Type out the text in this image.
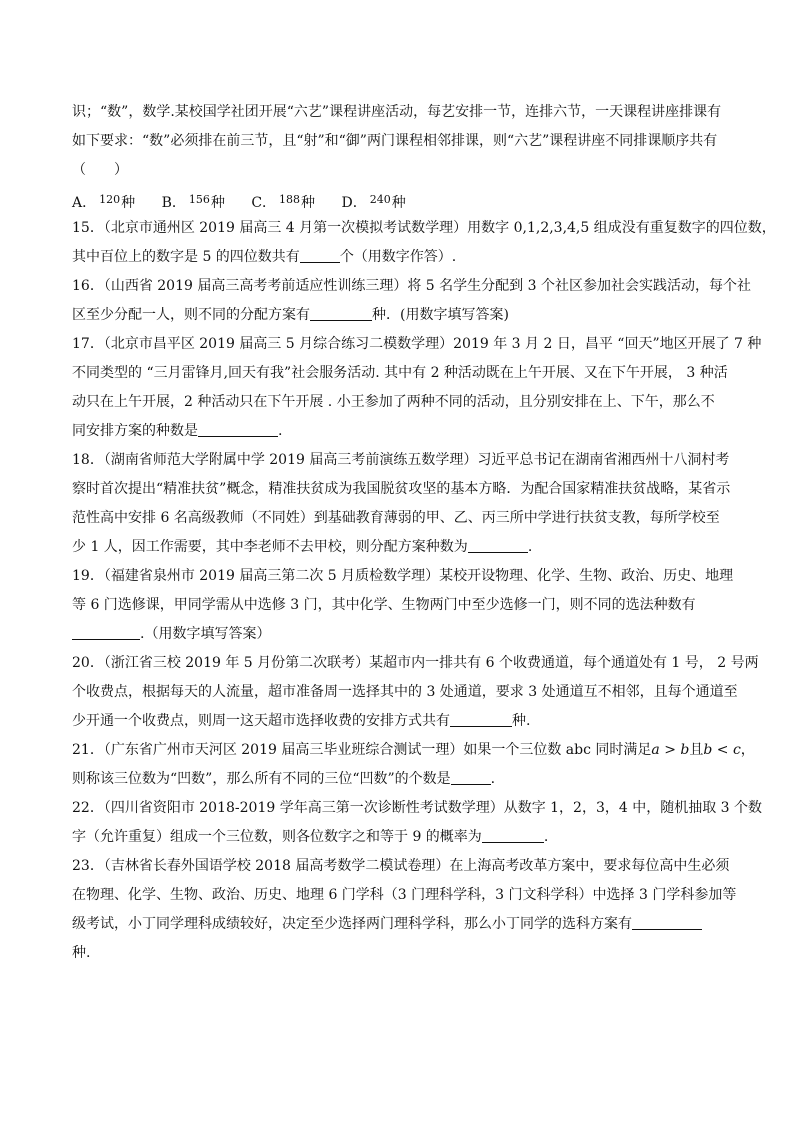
识；“数”，数学.某校国学社团开展“六艺”课程讲座活动，每艺安排一节，连排六节，一天课程讲座排课有
如下要求：“数”必须排在前三节，且“射”和“御”两门课程相邻排课，则“六艺”课程讲座不同排课顺序共有
（　　）
A． $^{120}$种 B． $^{156}$种 C． $^{188}$种 D． $^{240}$种
15．（北京市通州区 2019 届高三 4 月第一次模拟考试数学理）用数字 0,1,2,3,4,5 组成没有重复数字的四位数，
其中百位上的数字是 5 的四位数共有	个（用数字作答）.
16．（山西省 2019 届高三高考考前适应性训练三理）将 5 名学生分配到 3 个社区参加社会实践活动，每个社
区至少分配一人，则不同的分配方案有	种．(用数字填写答案)
17．（北京市昌平区 2019 届高三 5 月综合练习二模数学理）2019 年 3 月 2 日，昌平 “回天”地区开展了 7 种
不同类型的 “三月雷锋月,回天有我”社会服务活动. 其中有 2 种活动既在上午开展、又在下午开展， 3 种活
动只在上午开展，2 种活动只在下午开展 . 小王参加了两种不同的活动，且分别安排在上、下午，那么不
同安排方案的种数是	.
18．（湖南省师范大学附属中学 2019 届高三考前演练五数学理）习近平总书记在湖南省湘西州十八洞村考
察时首次提出“精准扶贫”概念，精准扶贫成为我国脱贫攻坚的基本方略．为配合国家精准扶贫战略，某省示
范性高中安排 6 名高级教师（不同姓）到基础教育薄弱的甲、乙、丙三所中学进行扶贫支教，每所学校至
少 1 人，因工作需要，其中李老师不去甲校，则分配方案种数为	.
19．（福建省泉州市 2019 届高三第二次 5 月质检数学理）某校开设物理、化学、生物、政治、历史、地理
等 6 门选修课，甲同学需从中选修 3 门，其中化学、生物两门中至少选修一门，则不同的选法种数有
.（用数字填写答案）
20．（浙江省三校 2019 年 5 月份第二次联考）某超市内一排共有 6 个收费通道，每个通道处有 1 号， 2 号两
个收费点，根据每天的人流量，超市准备周一选择其中的 3 处通道，要求 3 处通道互不相邻，且每个通道至
少开通一个收费点，则周一这天超市选择收费的安排方式共有	种.
21．（广东省广州市天河区 2019 届高三毕业班综合测试一理）如果一个三位数 abc 同时满足a > b且b < c，
则称该三位数为“凹数”，那么所有不同的三位“凹数”的个数是	.
22．（四川省资阳市 2018-2019 学年高三第一次诊断性考试数学理）从数字 1，2，3，4 中，随机抽取 3 个数
字（允许重复）组成一个三位数，则各位数字之和等于 9 的概率为	.
23．（吉林省长春外国语学校 2018 届高考数学二模试卷理）在上海高考改革方案中，要求每位高中生必须
在物理、化学、生物、政治、历史、地理 6 门学科（3 门理科学科，3 门文科学科）中选择 3 门学科参加等
级考试，小丁同学理科成绩较好，决定至少选择两门理科学科，那么小丁同学的选科方案有
种.
